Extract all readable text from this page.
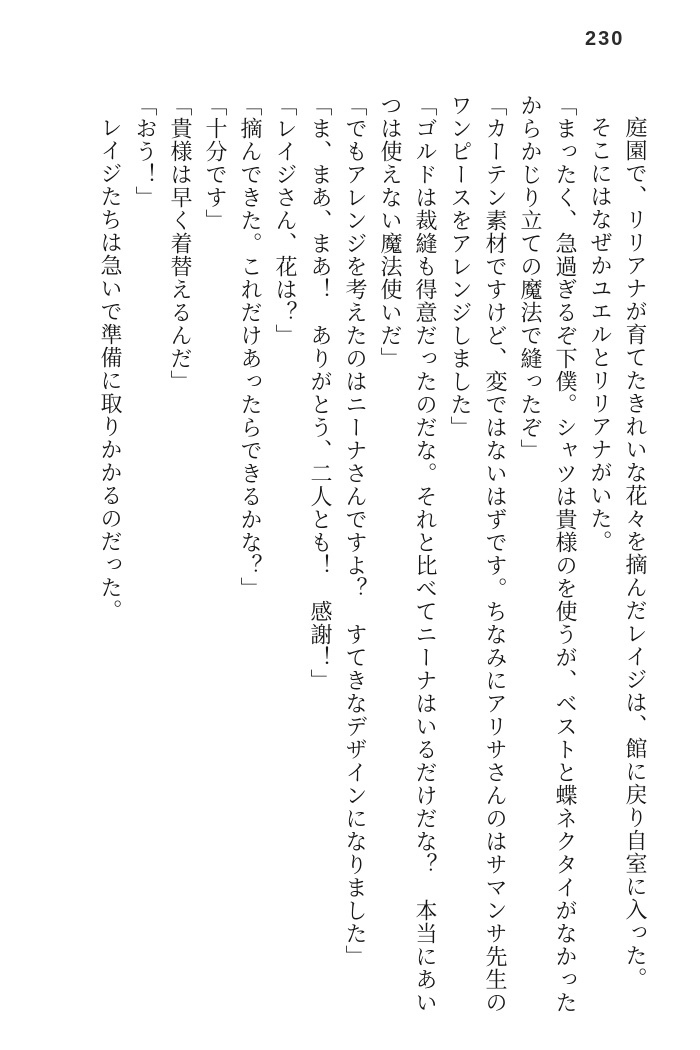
230

庭園で、リリアナが育てたきれいな花々を摘んだレイジは、館に戻り自室に入った。

そこにはなぜかユエルとリリアナがいた。

「まったく、急過ぎるぞ下僕。シャツは貴様のを使うが、ベストと蝶ネクタイがなかったからかじり立ての魔法で縫ったぞ」

「カーテン素材ですけど、変ではないはずです。ちなみにアリサさんのはサマンサ先生のワンピースをアレンジしました」

「ゴルドは裁縫も得意だったのだな。それと比べてニーナはいるだけだな？　本当にあいつは使えない魔法使いだ」

「でもアレンジを考えたのはニーナさんですよ？　すてきなデザインになりました」

「ま、まあ、まあ！　ありがとう、二人とも！　感謝！」

「レイジさん、花は？」

「摘んできた。これだけあったらできるかな？」

「十分です」

「貴様は早く着替えるんだ」

「おう！」

レイジたちは急いで準備に取りかかるのだった。
